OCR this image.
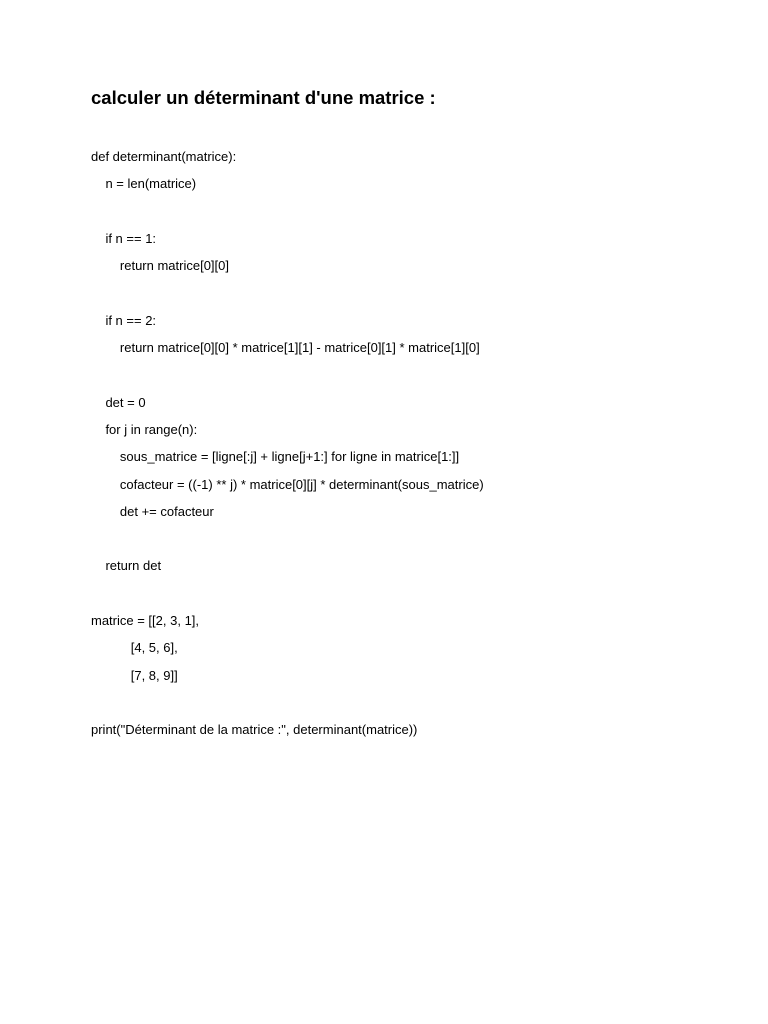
calculer un déterminant d'une matrice :
def determinant(matrice):
n = len(matrice)
if n == 1:
return matrice[0][0]
if n == 2:
return matrice[0][0] * matrice[1][1] - matrice[0][1] * matrice[1][0]
det = 0
for j in range(n):
sous_matrice = [ligne[:j] + ligne[j+1:] for ligne in matrice[1:]]
cofacteur = ((-1) ** j) * matrice[0][j] * determinant(sous_matrice)
det += cofacteur
return det
matrice = [[2, 3, 1],
[4, 5, 6],
[7, 8, 9]]
print("Déterminant de la matrice :", determinant(matrice))
